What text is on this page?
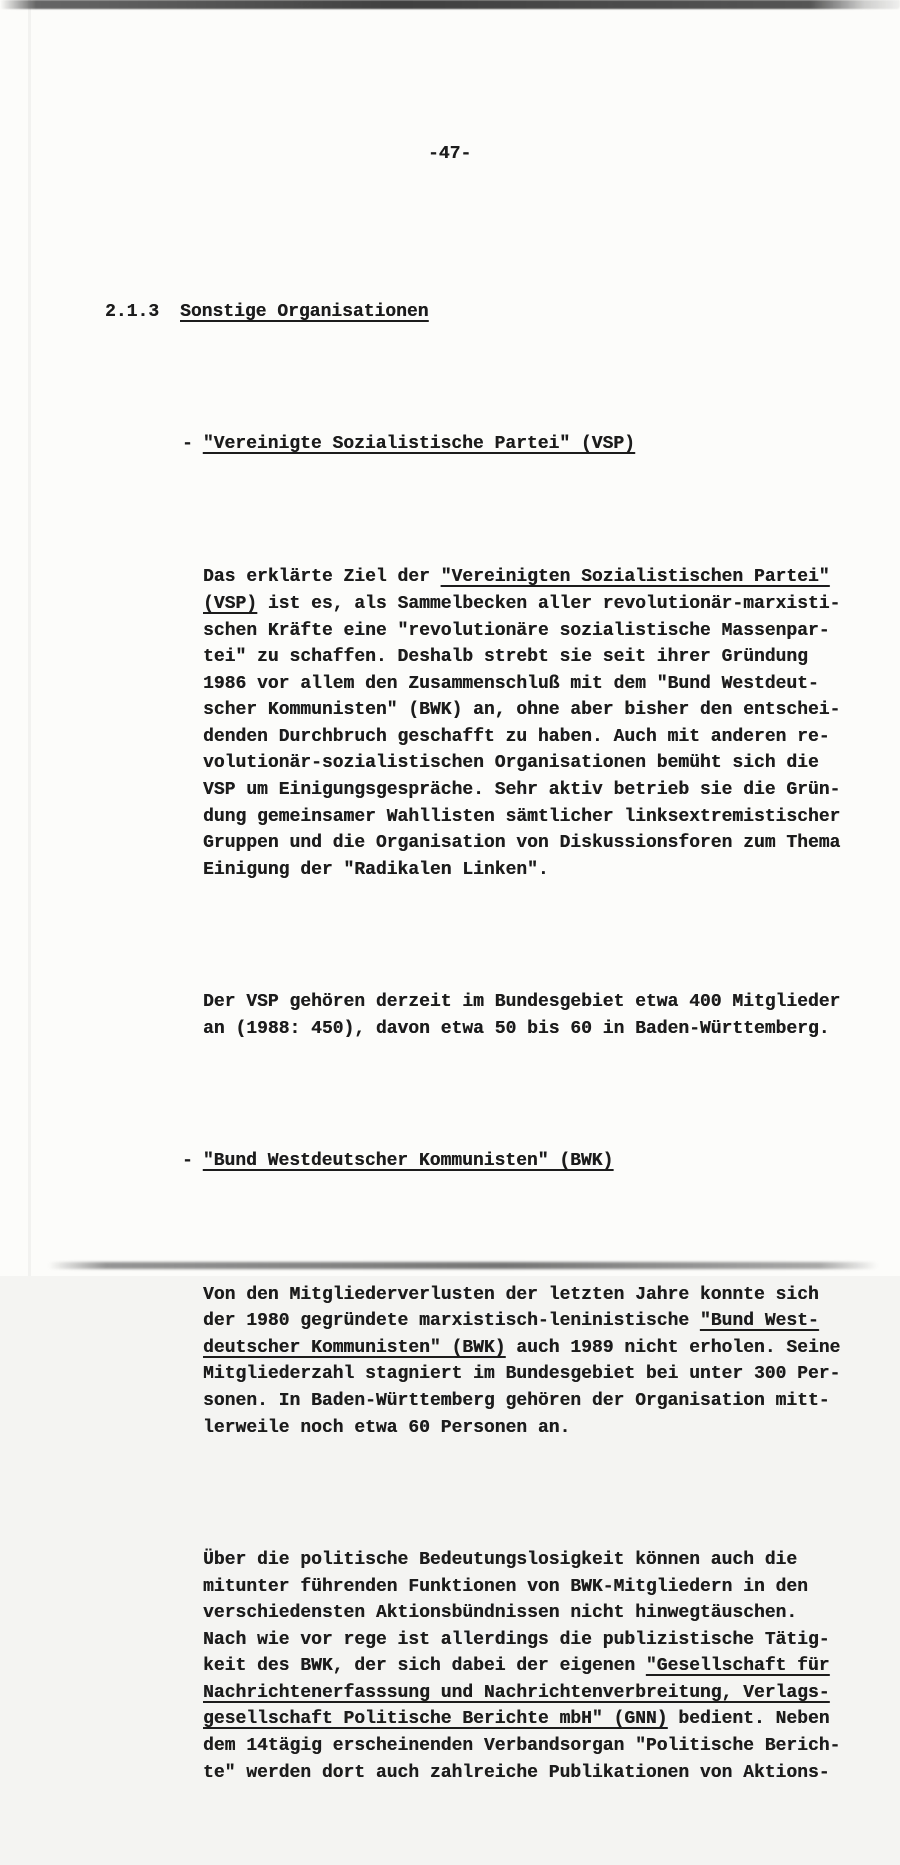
-47-

2.1.3 Sonstige Organisationen

- "Vereinigte Sozialistische Partei" (VSP)

Das erklärte Ziel der "Vereinigten Sozialistischen Partei"
(VSP) ist es, als Sammelbecken aller revolutionär-marxisti-
schen Kräfte eine "revolutionäre sozialistische Massenpar-
tei" zu schaffen. Deshalb strebt sie seit ihrer Gründung
1986 vor allem den Zusammenschluß mit dem "Bund Westdeut-
scher Kommunisten" (BWK) an, ohne aber bisher den entschei-
denden Durchbruch geschafft zu haben. Auch mit anderen re-
volutionär-sozialistischen Organisationen bemüht sich die
VSP um Einigungsgespräche. Sehr aktiv betrieb sie die Grün-
dung gemeinsamer Wahllisten sämtlicher linksextremistischer
Gruppen und die Organisation von Diskussionsforen zum Thema
Einigung der "Radikalen Linken".

Der VSP gehören derzeit im Bundesgebiet etwa 400 Mitglieder
an (1988: 450), davon etwa 50 bis 60 in Baden-Württemberg.

- "Bund Westdeutscher Kommunisten" (BWK)

Von den Mitgliederverlusten der letzten Jahre konnte sich
der 1980 gegründete marxistisch-leninistische "Bund West-
deutscher Kommunisten" (BWK) auch 1989 nicht erholen. Seine
Mitgliederzahl stagniert im Bundesgebiet bei unter 300 Per-
sonen. In Baden-Württemberg gehören der Organisation mitt-
lerweile noch etwa 60 Personen an.

Über die politische Bedeutungslosigkeit können auch die
mitunter führenden Funktionen von BWK-Mitgliedern in den
verschiedensten Aktionsbündnissen nicht hinwegtäuschen.
Nach wie vor rege ist allerdings die publizistische Tätig-
keit des BWK, der sich dabei der eigenen "Gesellschaft für
Nachrichtenerfasssung und Nachrichtenverbreitung, Verlags-
gesellschaft Politische Berichte mbH" (GNN) bedient. Neben
dem 14tägig erscheinenden Verbandsorgan "Politische Berich-
te" werden dort auch zahlreiche Publikationen von Aktions-
